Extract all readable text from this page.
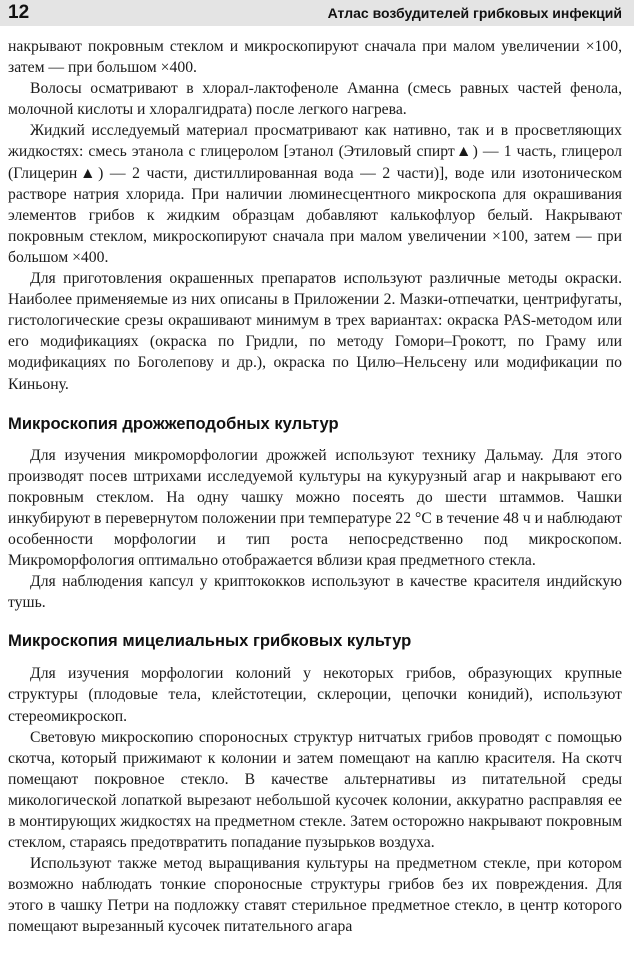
12	Атлас возбудителей грибковых инфекций

накрывают покровным стеклом и микроскопируют сначала при малом увеличении ×100, затем — при большом ×400.

Волосы осматривают в хлорал-лактофеноле Аманна (смесь равных частей фенола, молочной кислоты и хлоралгидрата) после легкого нагрева.

Жидкий исследуемый материал просматривают как нативно, так и в просветляющих жидкостях: смесь этанола с глицеролом [этанол (Этиловый спирт▲) — 1 часть, глицерол (Глицерин▲) — 2 части, дистиллированная вода — 2 части)], воде или изотоническом растворе натрия хлорида. При наличии люминесцентного микроскопа для окрашивания элементов грибов к жидким образцам добавляют калькофлуор белый. Накрывают покровным стеклом, микроскопируют сначала при малом увеличении ×100, затем — при большом ×400.

Для приготовления окрашенных препаратов используют различные методы окраски. Наиболее применяемые из них описаны в Приложении 2. Мазки-отпечатки, центрифугаты, гистологические срезы окрашивают минимум в трех вариантах: окраска PAS-методом или его модификациях (окраска по Гридли, по методу Гомори–Грокотт, по Граму или модификациях по Боголепову и др.), окраска по Цилю–Нельсену или модификации по Киньону.

Микроскопия дрожжеподобных культур

Для изучения микроморфологии дрожжей используют технику Дальмау. Для этого производят посев штрихами исследуемой культуры на кукурузный агар и накрывают его покровным стеклом. На одну чашку можно посеять до шести штаммов. Чашки инкубируют в перевернутом положении при температуре 22 °С в течение 48 ч и наблюдают особенности морфологии и тип роста непосредственно под микроскопом. Микроморфология оптимально отображается вблизи края предметного стекла.

Для наблюдения капсул у криптококков используют в качестве красителя индийскую тушь.

Микроскопия мицелиальных грибковых культур

Для изучения морфологии колоний у некоторых грибов, образующих крупные структуры (плодовые тела, клейстотеции, склероции, цепочки конидий), используют стереомикроскоп.

Световую микроскопию спороносных структур нитчатых грибов проводят с помощью скотча, который прижимают к колонии и затем помещают на каплю красителя. На скотч помещают покровное стекло. В качестве альтернативы из питательной среды микологической лопаткой вырезают небольшой кусочек колонии, аккуратно расправляя ее в монтирующих жидкостях на предметном стекле. Затем осторожно накрывают покровным стеклом, стараясь предотвратить попадание пузырьков воздуха.

Используют также метод выращивания культуры на предметном стекле, при котором возможно наблюдать тонкие спороносные структуры грибов без их повреждения. Для этого в чашку Петри на подложку ставят стерильное предметное стекло, в центр которого помещают вырезанный кусочек питательного агара
